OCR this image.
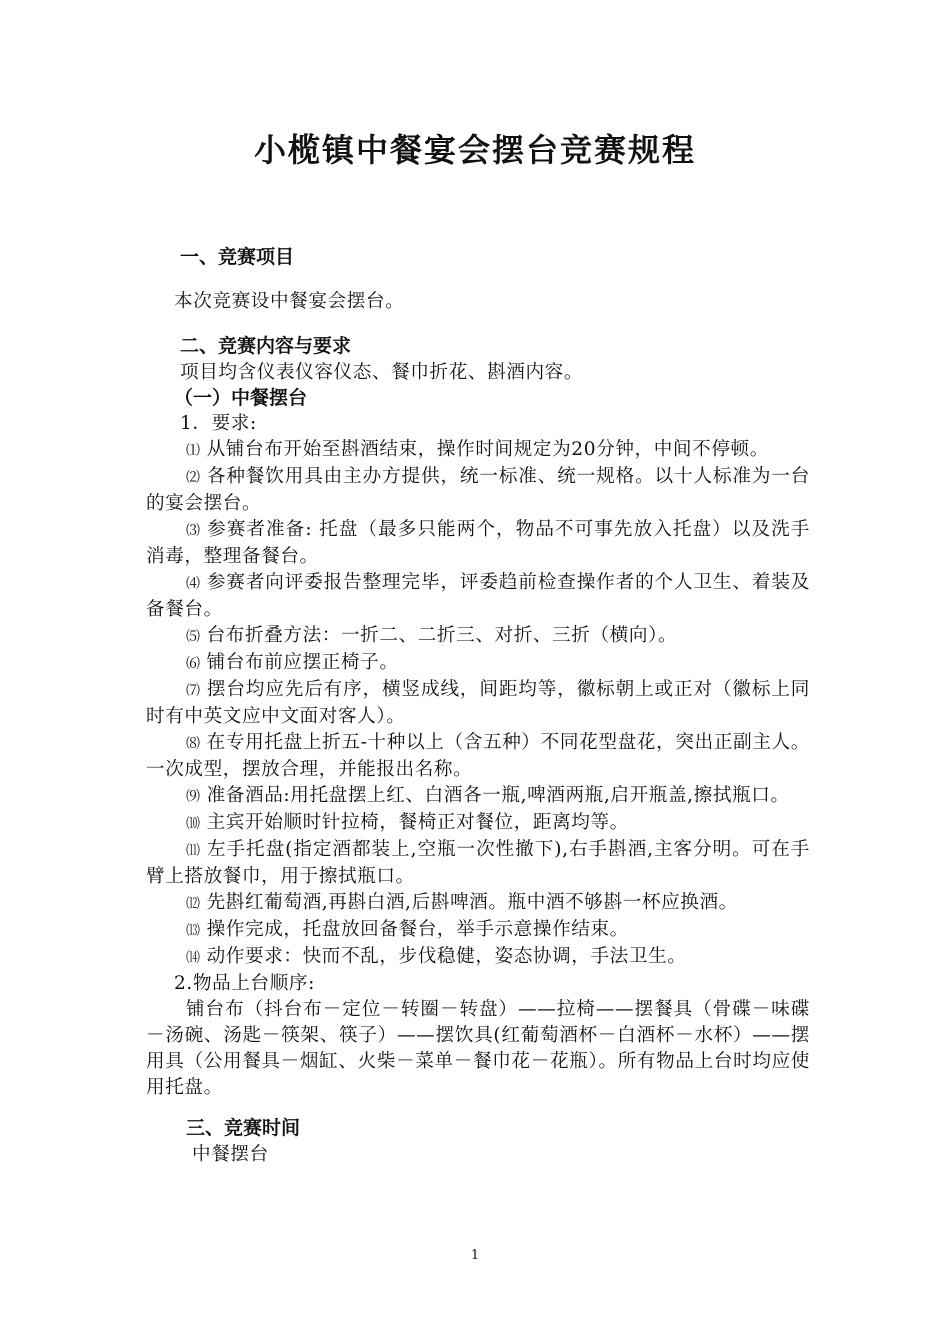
小榄镇中餐宴会摆台竞赛规程
一、竞赛项目
本次竞赛设中餐宴会摆台。
二、竞赛内容与要求
项目均含仪表仪容仪态、餐巾折花、斟酒内容。
（一）中餐摆台
1．要求:
⑴ 从铺台布开始至斟酒结束，操作时间规定为20分钟，中间不停顿。
⑵ 各种餐饮用具由主办方提供，统一标准、统一规格。以十人标准为一台的宴会摆台。
⑶ 参赛者准备: 托盘（最多只能两个，物品不可事先放入托盘）以及洗手消毒，整理备餐台。
⑷ 参赛者向评委报告整理完毕，评委趋前检查操作者的个人卫生、着装及备餐台。
⑸ 台布折叠方法：一折二、二折三、对折、三折（横向）。
⑹ 铺台布前应摆正椅子。
⑺ 摆台均应先后有序，横竖成线，间距均等，徽标朝上或正对（徽标上同时有中英文应中文面对客人）。
⑻ 在专用托盘上折五-十种以上（含五种）不同花型盘花，突出正副主人。一次成型，摆放合理，并能报出名称。
⑼ 准备酒品:用托盘摆上红、白酒各一瓶,啤酒两瓶,启开瓶盖,擦拭瓶口。
⑽ 主宾开始顺时针拉椅，餐椅正对餐位，距离均等。
⑾ 左手托盘(指定酒都装上,空瓶一次性撤下),右手斟酒,主客分明。可在手臂上搭放餐巾，用于擦拭瓶口。
⑿ 先斟红葡萄酒,再斟白酒,后斟啤酒。瓶中酒不够斟一杯应换酒。
⒀ 操作完成，托盘放回备餐台，举手示意操作结束。
⒁ 动作要求：快而不乱，步伐稳健，姿态协调，手法卫生。
2.物品上台顺序:
铺台布（抖台布－定位－转圈－转盘）——拉椅——摆餐具（骨碟－味碟－汤碗、汤匙－筷架、筷子）——摆饮具(红葡萄酒杯－白酒杯－水杯）——摆用具（公用餐具－烟缸、火柴－菜单－餐巾花－花瓶）。所有物品上台时均应使用托盘。
三、竞赛时间
中餐摆台
1
